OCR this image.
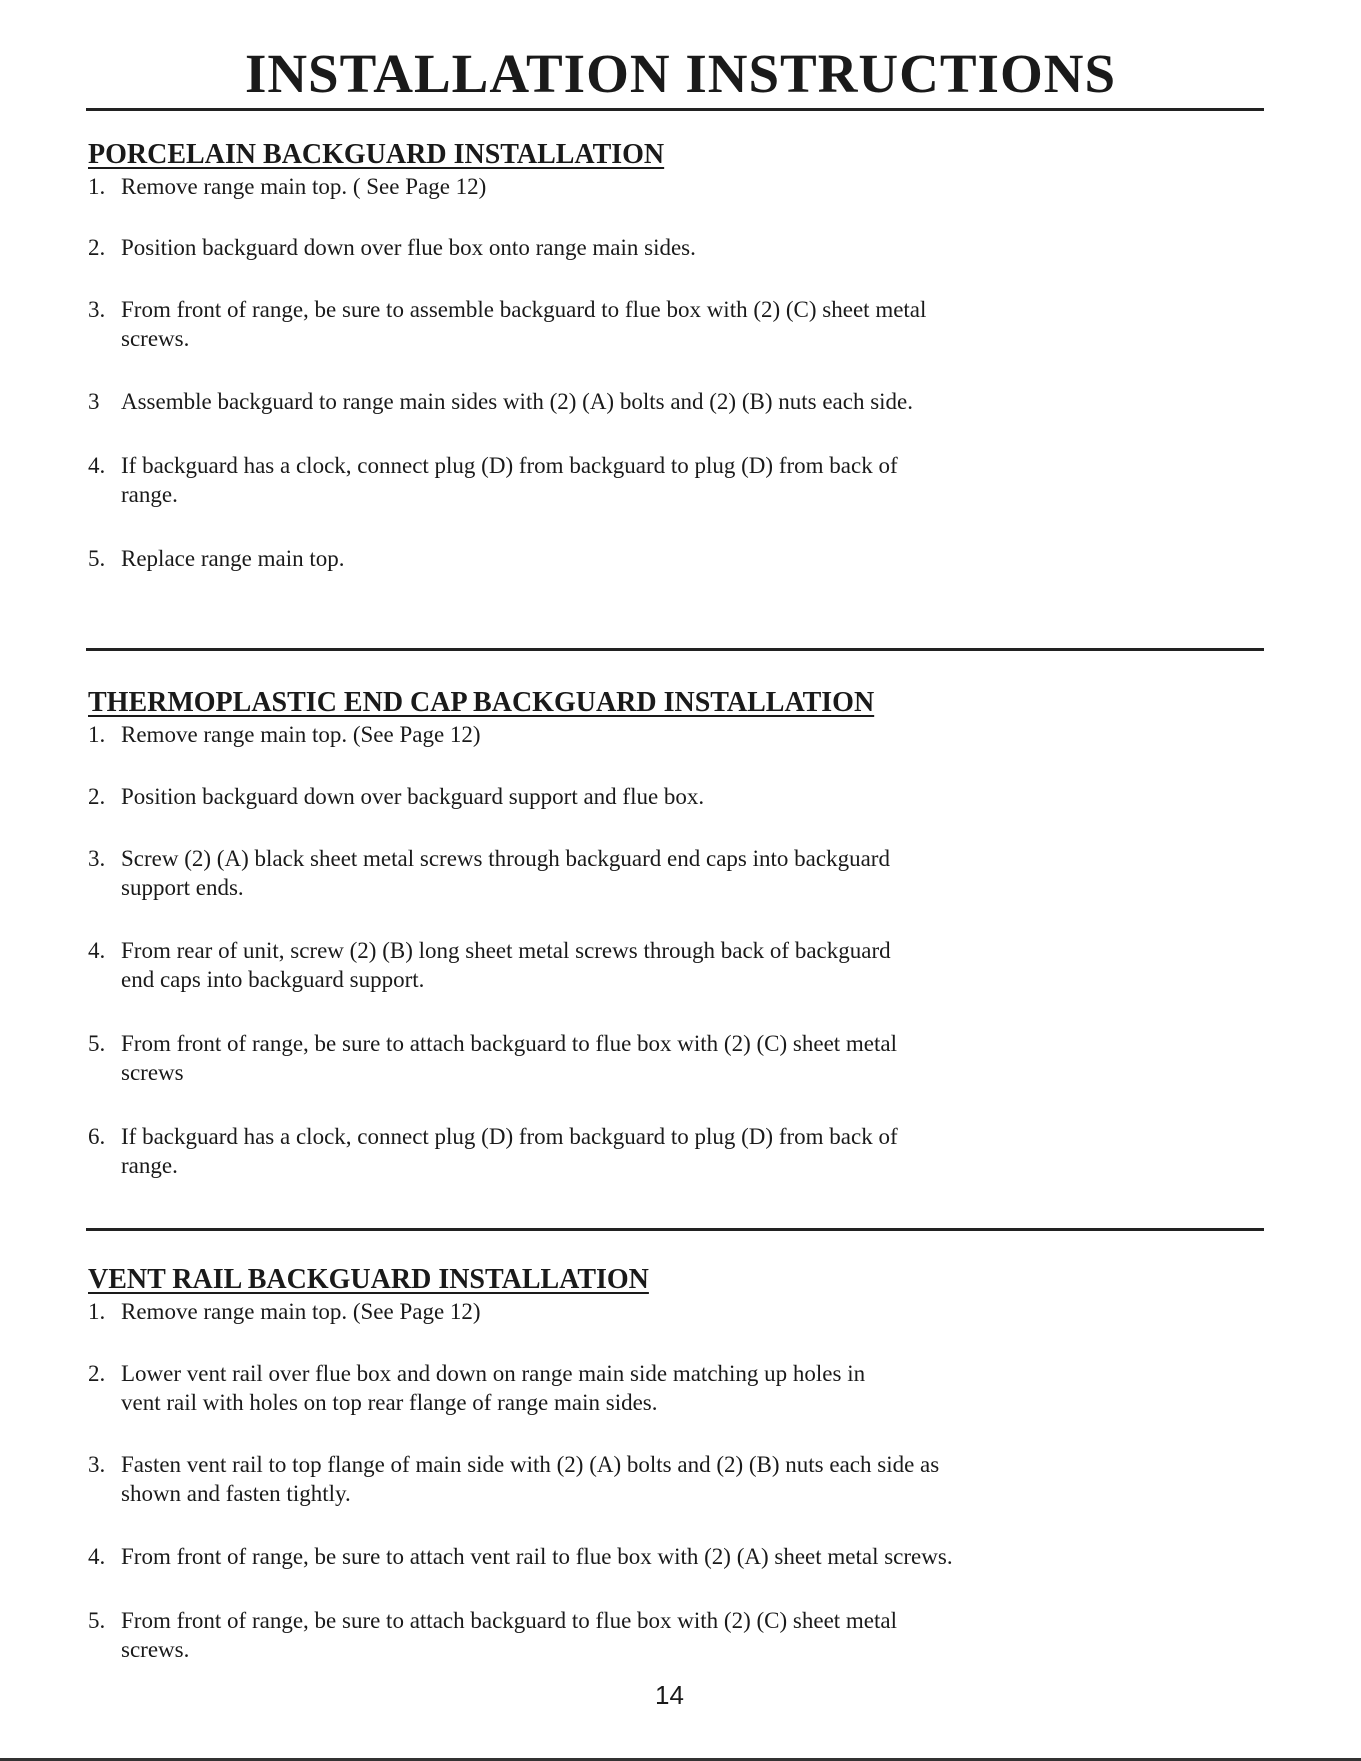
INSTALLATION INSTRUCTIONS
PORCELAIN BACKGUARD INSTALLATION
1. Remove range main top. ( See Page 12)
2. Position backguard down over flue box onto range main sides.
3. From front of range, be sure to assemble backguard to flue box with (2) (C) sheet metal screws.
3 Assemble backguard to range main sides with (2) (A) bolts and (2) (B) nuts each side.
4. If backguard has a clock, connect plug (D) from backguard to plug (D) from back of range.
5. Replace range main top.
THERMOPLASTIC END CAP BACKGUARD INSTALLATION
1. Remove range main top. (See Page 12)
2. Position backguard down over backguard support and flue box.
3. Screw (2) (A) black sheet metal screws through backguard end caps into backguard support ends.
4. From rear of unit, screw (2) (B) long sheet metal screws through back of backguard end caps into backguard support.
5. From front of range, be sure to attach backguard to flue box with (2) (C) sheet metal screws
6. If backguard has a clock, connect plug (D) from backguard to plug (D) from back of range.
VENT RAIL BACKGUARD INSTALLATION
1. Remove range main top. (See Page 12)
2. Lower vent rail over flue box and down on range main side matching up holes in vent rail with holes on top rear flange of range main sides.
3. Fasten vent rail to top flange of main side with (2) (A) bolts and (2) (B) nuts each side as shown and fasten tightly.
4. From front of range, be sure to attach vent rail to flue box with (2) (A) sheet metal screws.
5. From front of range, be sure to attach backguard to flue box with (2) (C) sheet metal screws.
14
